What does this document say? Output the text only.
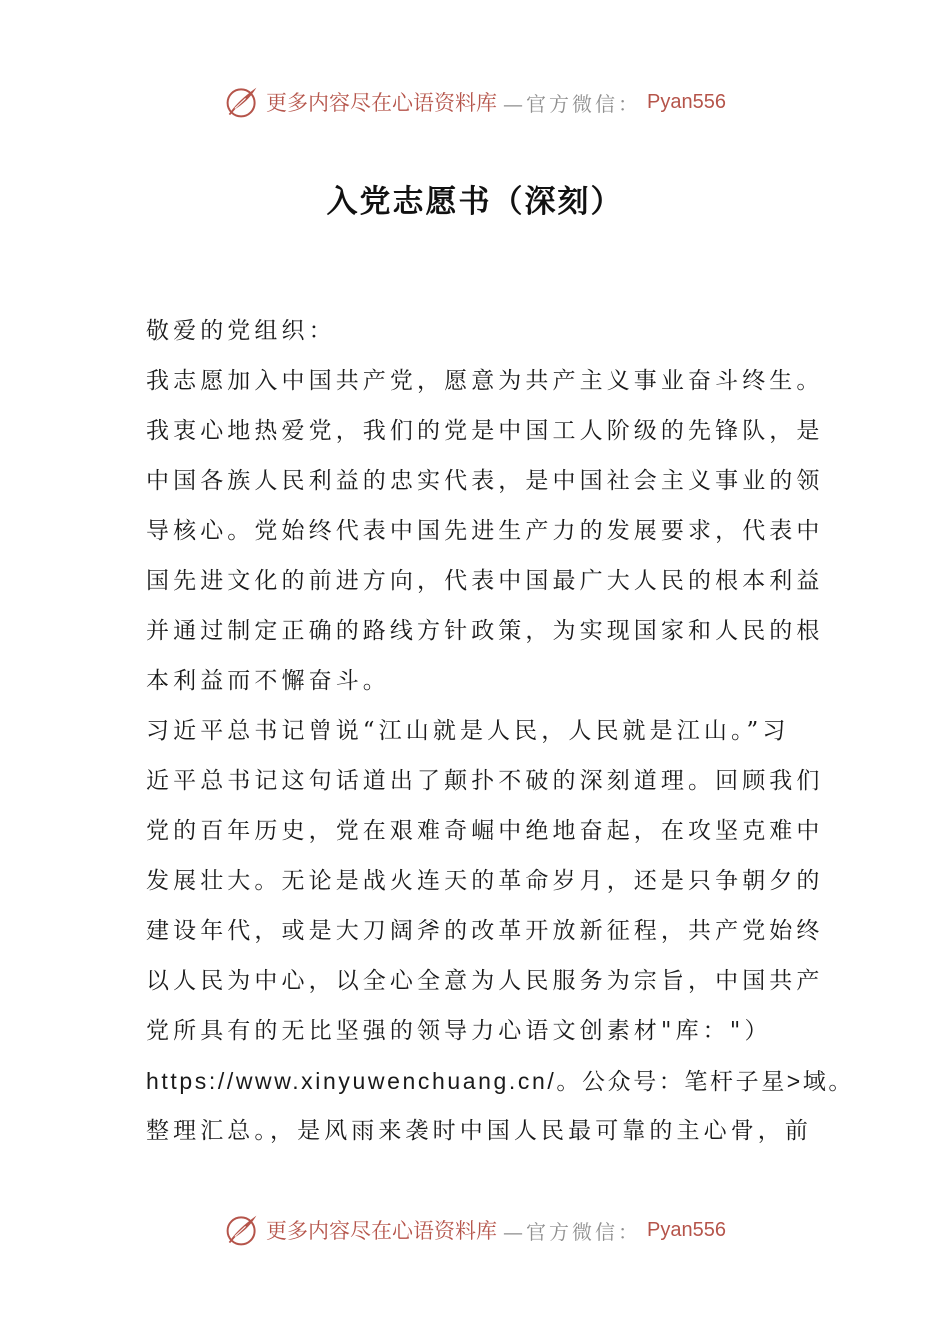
更多内容尽在心语资料库 —官方微信： Pyan556
入党志愿书（深刻）
敬爱的党组织：
我志愿加入中国共产党，愿意为共产主义事业奋斗终生。
我衷心地热爱党，我们的党是中国工人阶级的先锋队，是
中国各族人民利益的忠实代表，是中国社会主义事业的领
导核心。党始终代表中国先进生产力的发展要求，代表中
国先进文化的前进方向，代表中国最广大人民的根本利益
并通过制定正确的路线方针政策，为实现国家和人民的根
本利益而不懈奋斗。
习近平总书记曾说“江山就是人民，人民就是江山。”习
近平总书记这句话道出了颠扑不破的深刻道理。回顾我们
党的百年历史，党在艰难奇崛中绝地奋起，在攻坚克难中
发展壮大。无论是战火连天的革命岁月，还是只争朝夕的
建设年代，或是大刀阔斧的改革开放新征程，共产党始终
以人民为中心，以全心全意为人民服务为宗旨，中国共产
党所具有的无比坚强的领导力心语文创素材"库："）
https://www.xinyuwenchuang.cn/。公众号：笔杆子星>域。
整理汇总。，是风雨来袭时中国人民最可靠的主心骨，前
更多内容尽在心语资料库 —官方微信： Pyan556
